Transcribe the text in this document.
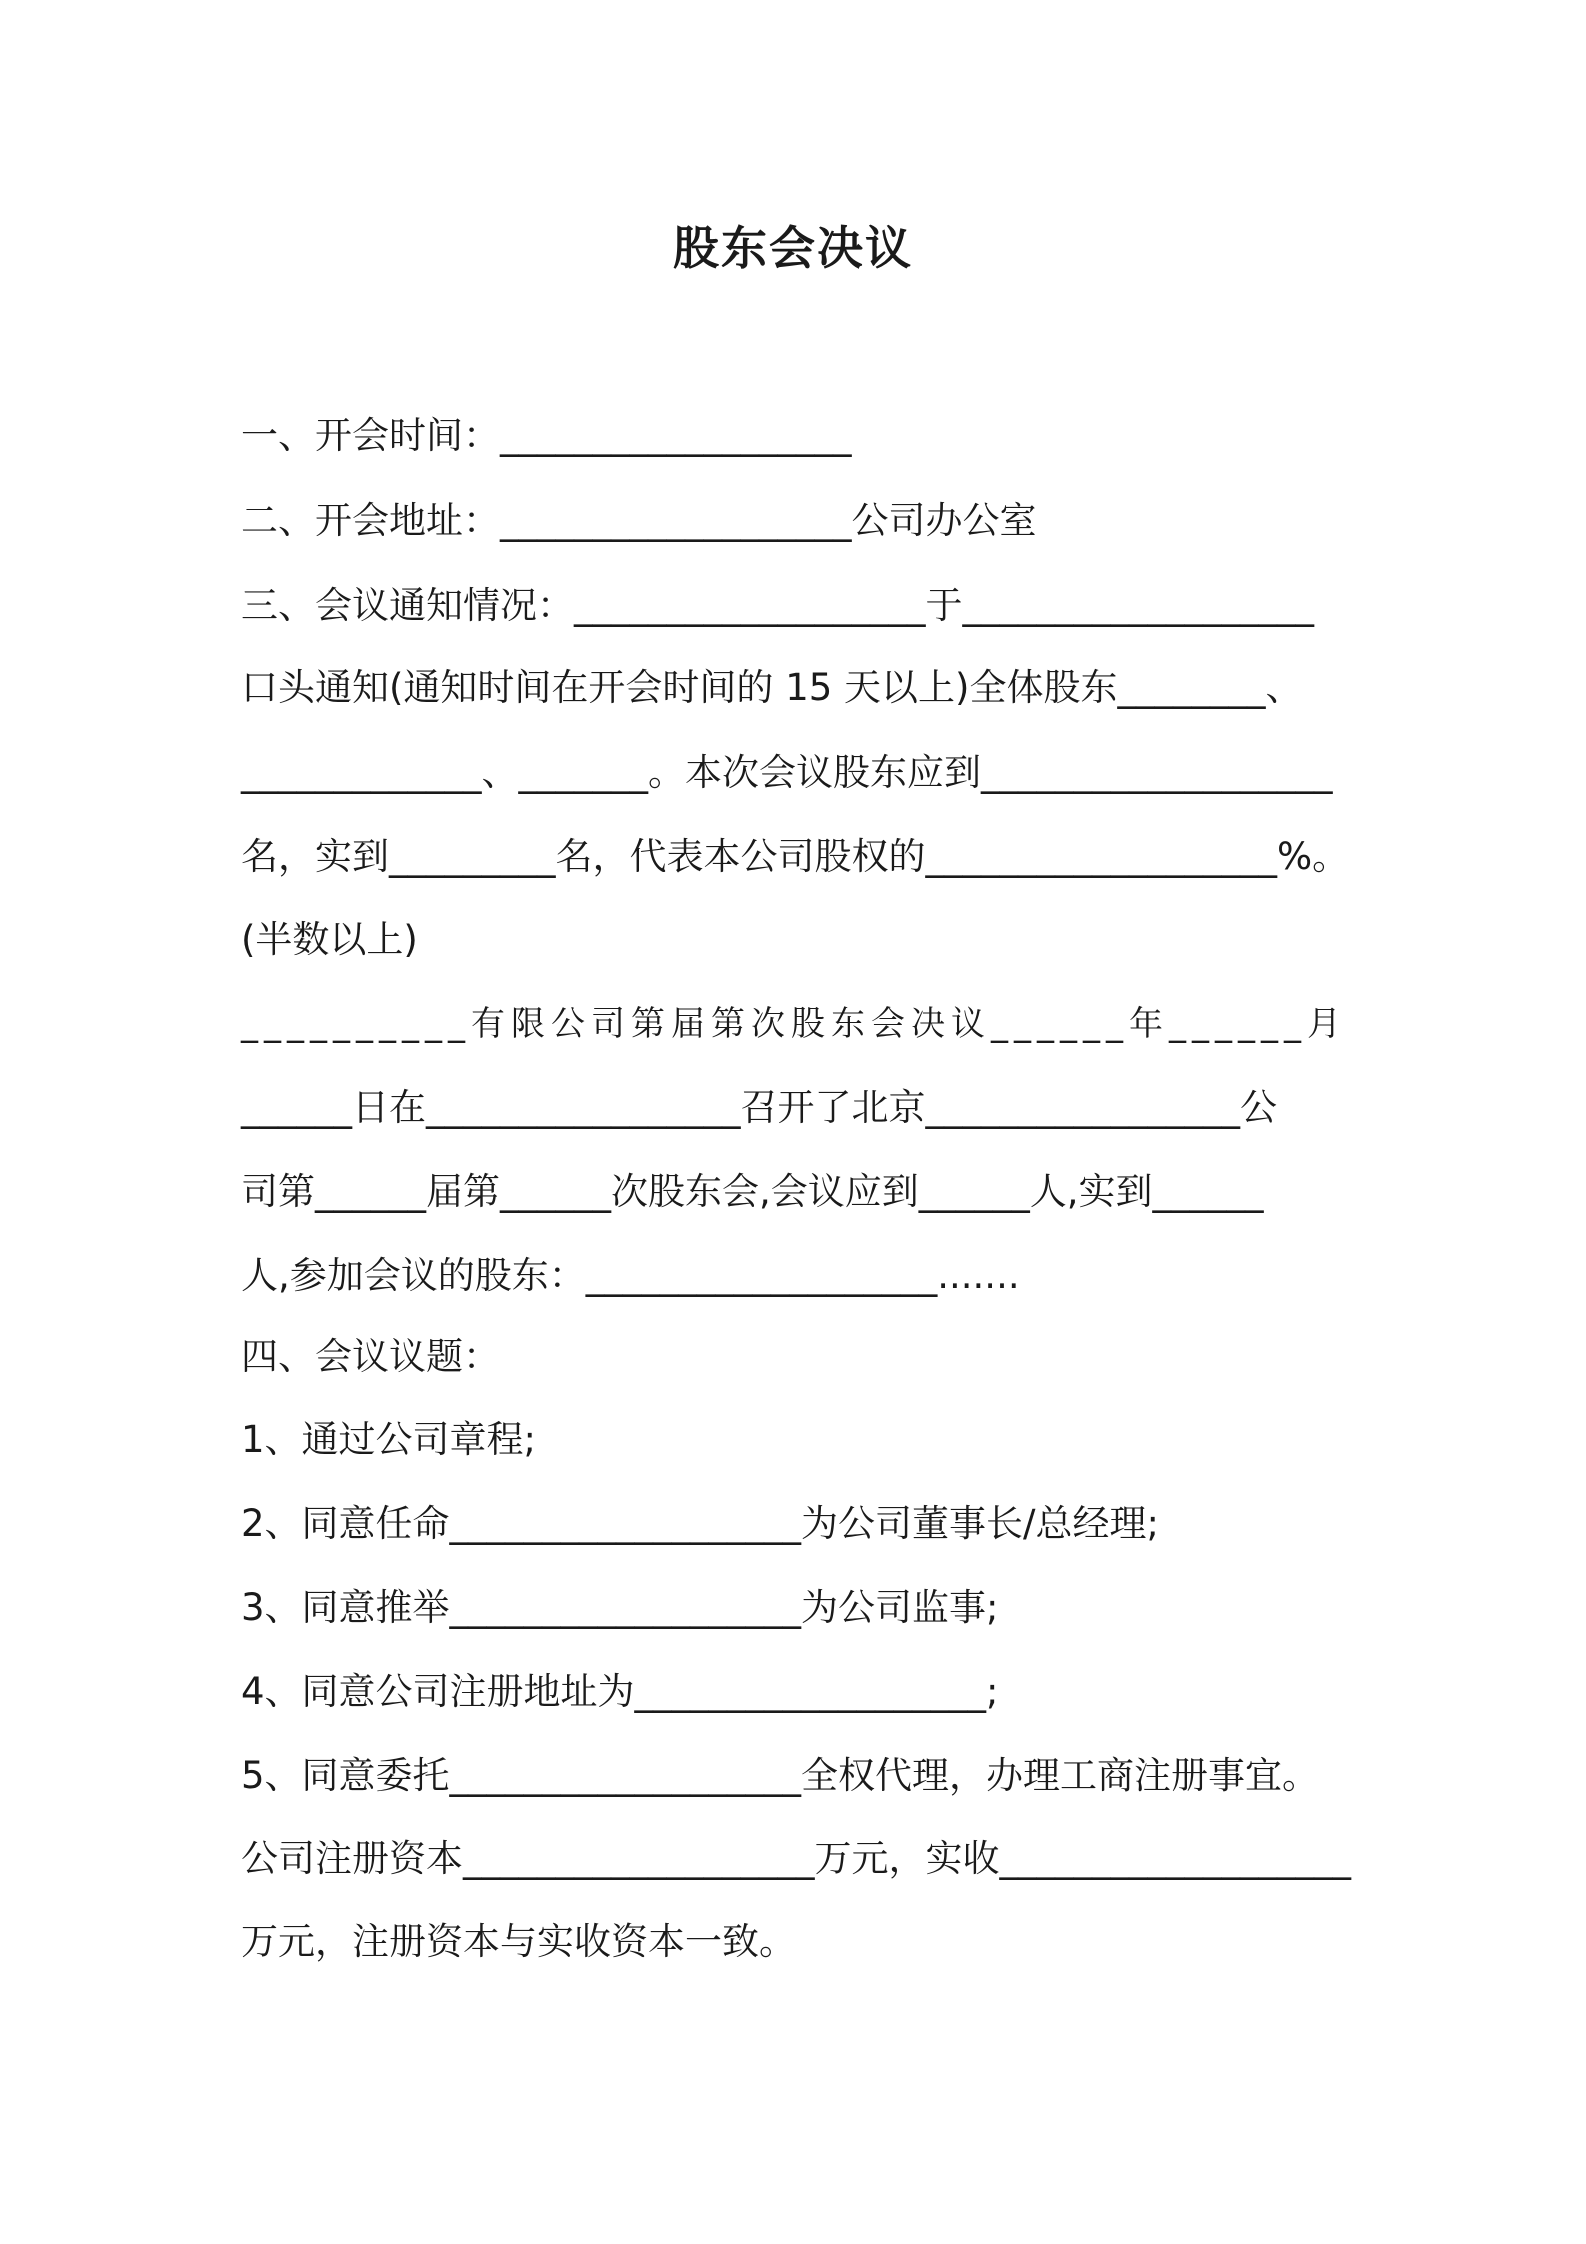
股东会决议
一、开会时间：___________________
二、开会地址：___________________公司办公室
三、会议通知情况：___________________于___________________
口头通知(通知时间在开会时间的 15 天以上)全体股东________、
_____________、_______。本次会议股东应到___________________
名，实到_________名，代表本公司股权的___________________%。
(半数以上)
__________有限公司第届第次股东会决议______年______月
______日在_________________召开了北京_________________公
司第______届第______次股东会,会议应到______人,实到______
人,参加会议的股东：___________________.......
四、会议议题：
1、通过公司章程;
2、同意任命___________________为公司董事长/总经理;
3、同意推举___________________为公司监事;
4、同意公司注册地址为___________________;
5、同意委托___________________全权代理，办理工商注册事宜。
公司注册资本___________________万元，实收___________________
万元，注册资本与实收资本一致。
